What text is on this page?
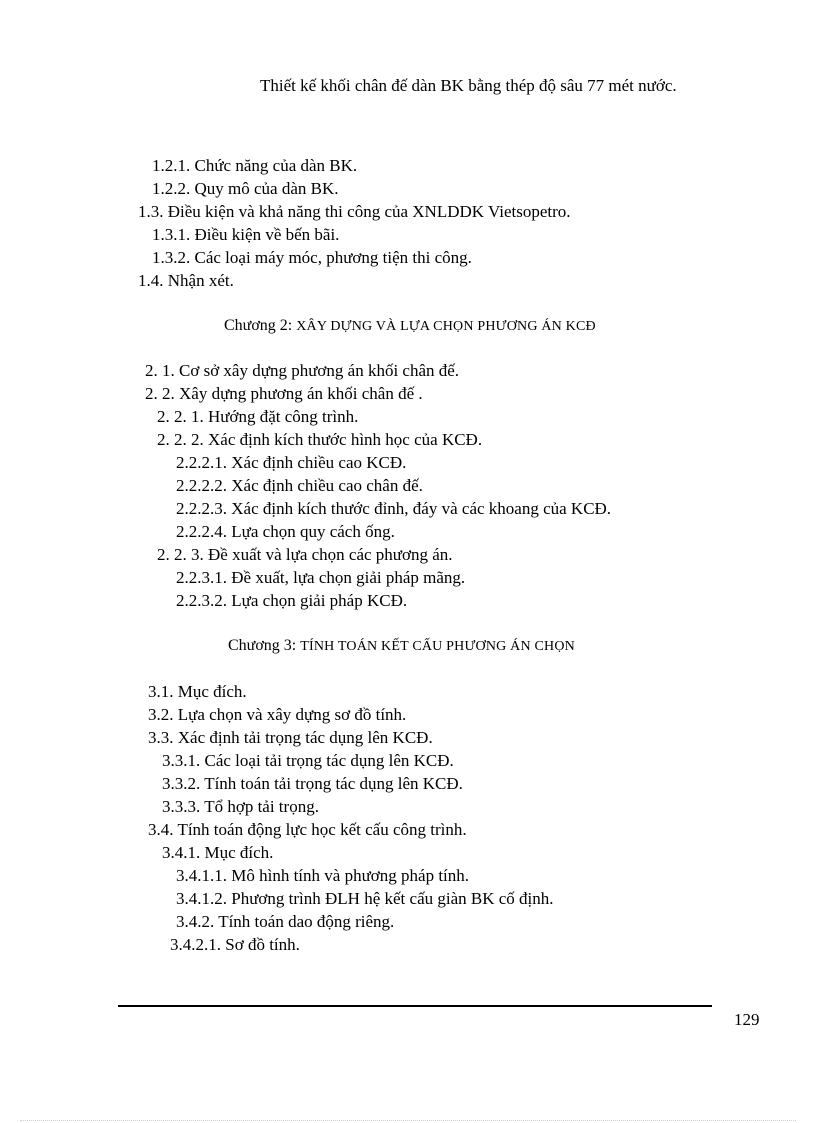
Thiết kế khối chân đế dàn BK bằng thép độ sâu 77 mét nước.
1.2.1. Chức năng của dàn BK.
1.2.2. Quy mô của dàn BK.
1.3. Điều kiện và khả năng thi công của XNLDDK Vietsopetro.
1.3.1. Điều kiện về bến bãi.
1.3.2. Các loại máy móc, phương tiện thi công.
1.4. Nhận xét.
Chương 2: XÂY DỰNG VÀ LỰA CHỌN PHƯƠNG ÁN KCĐ
2. 1. Cơ sở xây dựng phương án khối chân đế.
2. 2. Xây dựng phương án khối chân đế .
2. 2. 1. Hướng đặt công trình.
2. 2. 2. Xác định kích thước hình học của KCĐ.
2.2.2.1. Xác định chiều cao KCĐ.
2.2.2.2. Xác định chiều cao chân đế.
2.2.2.3. Xác định kích thước đỉnh, đáy và các khoang của KCĐ.
2.2.2.4. Lựa chọn quy cách ống.
2. 2. 3. Đề xuất và lựa chọn các phương án.
2.2.3.1. Đề xuất, lựa chọn giải pháp mãng.
2.2.3.2. Lựa chọn giải pháp KCĐ.
Chương 3: TÍNH TOÁN KẾT CẤU PHƯƠNG ÁN CHỌN
3.1. Mục đích.
3.2. Lựa chọn và xây dựng sơ đồ tính.
3.3. Xác định tải trọng tác dụng lên KCĐ.
3.3.1. Các loại tải trọng tác dụng lên KCĐ.
3.3.2. Tính toán tải trọng tác dụng lên KCĐ.
3.3.3. Tổ hợp tải trọng.
3.4. Tính toán động lực học kết cấu công trình.
3.4.1. Mục đích.
3.4.1.1. Mô hình tính và phương pháp tính.
3.4.1.2. Phương trình ĐLH hệ kết cấu giàn BK cố định.
3.4.2. Tính toán dao động riêng.
3.4.2.1. Sơ đồ tính.
129
